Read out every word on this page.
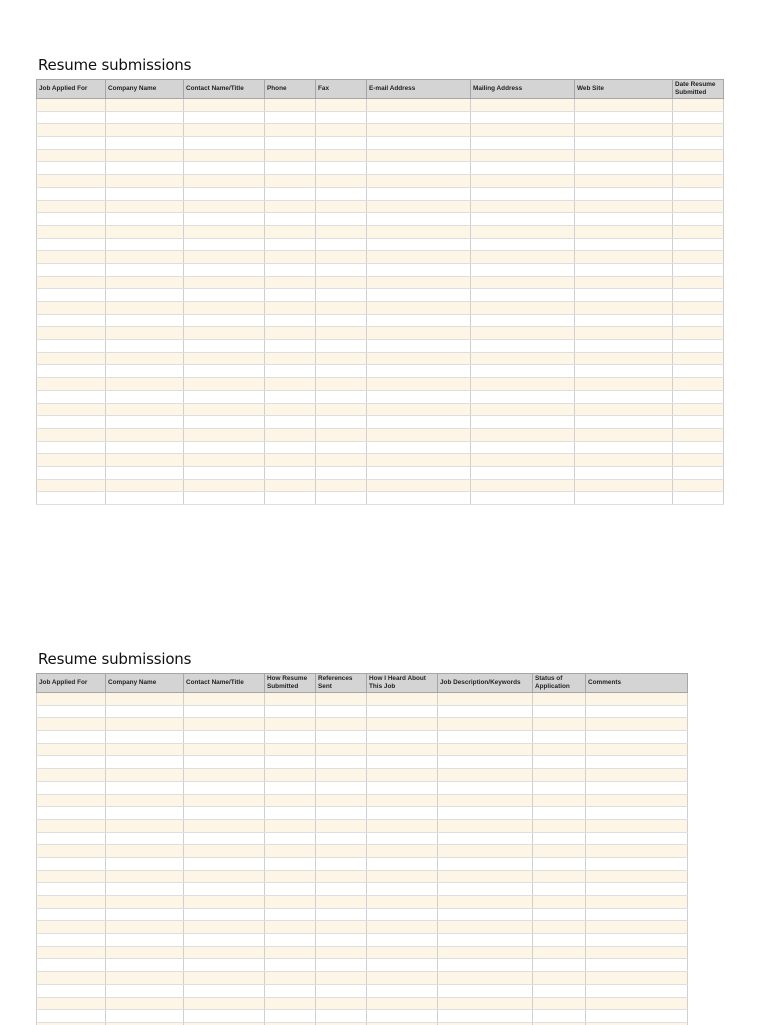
Resume submissions
Job Applied For	Company Name	Contact Name/Title	Phone	Fax	E-mail Address	Mailing Address	Web Site	Date Resume Submitted

Resume submissions
Job Applied For	Company Name	Contact Name/Title	How Resume Submitted	References Sent	How I Heard About This Job	Job Description/Keywords	Status of Application	Comments
